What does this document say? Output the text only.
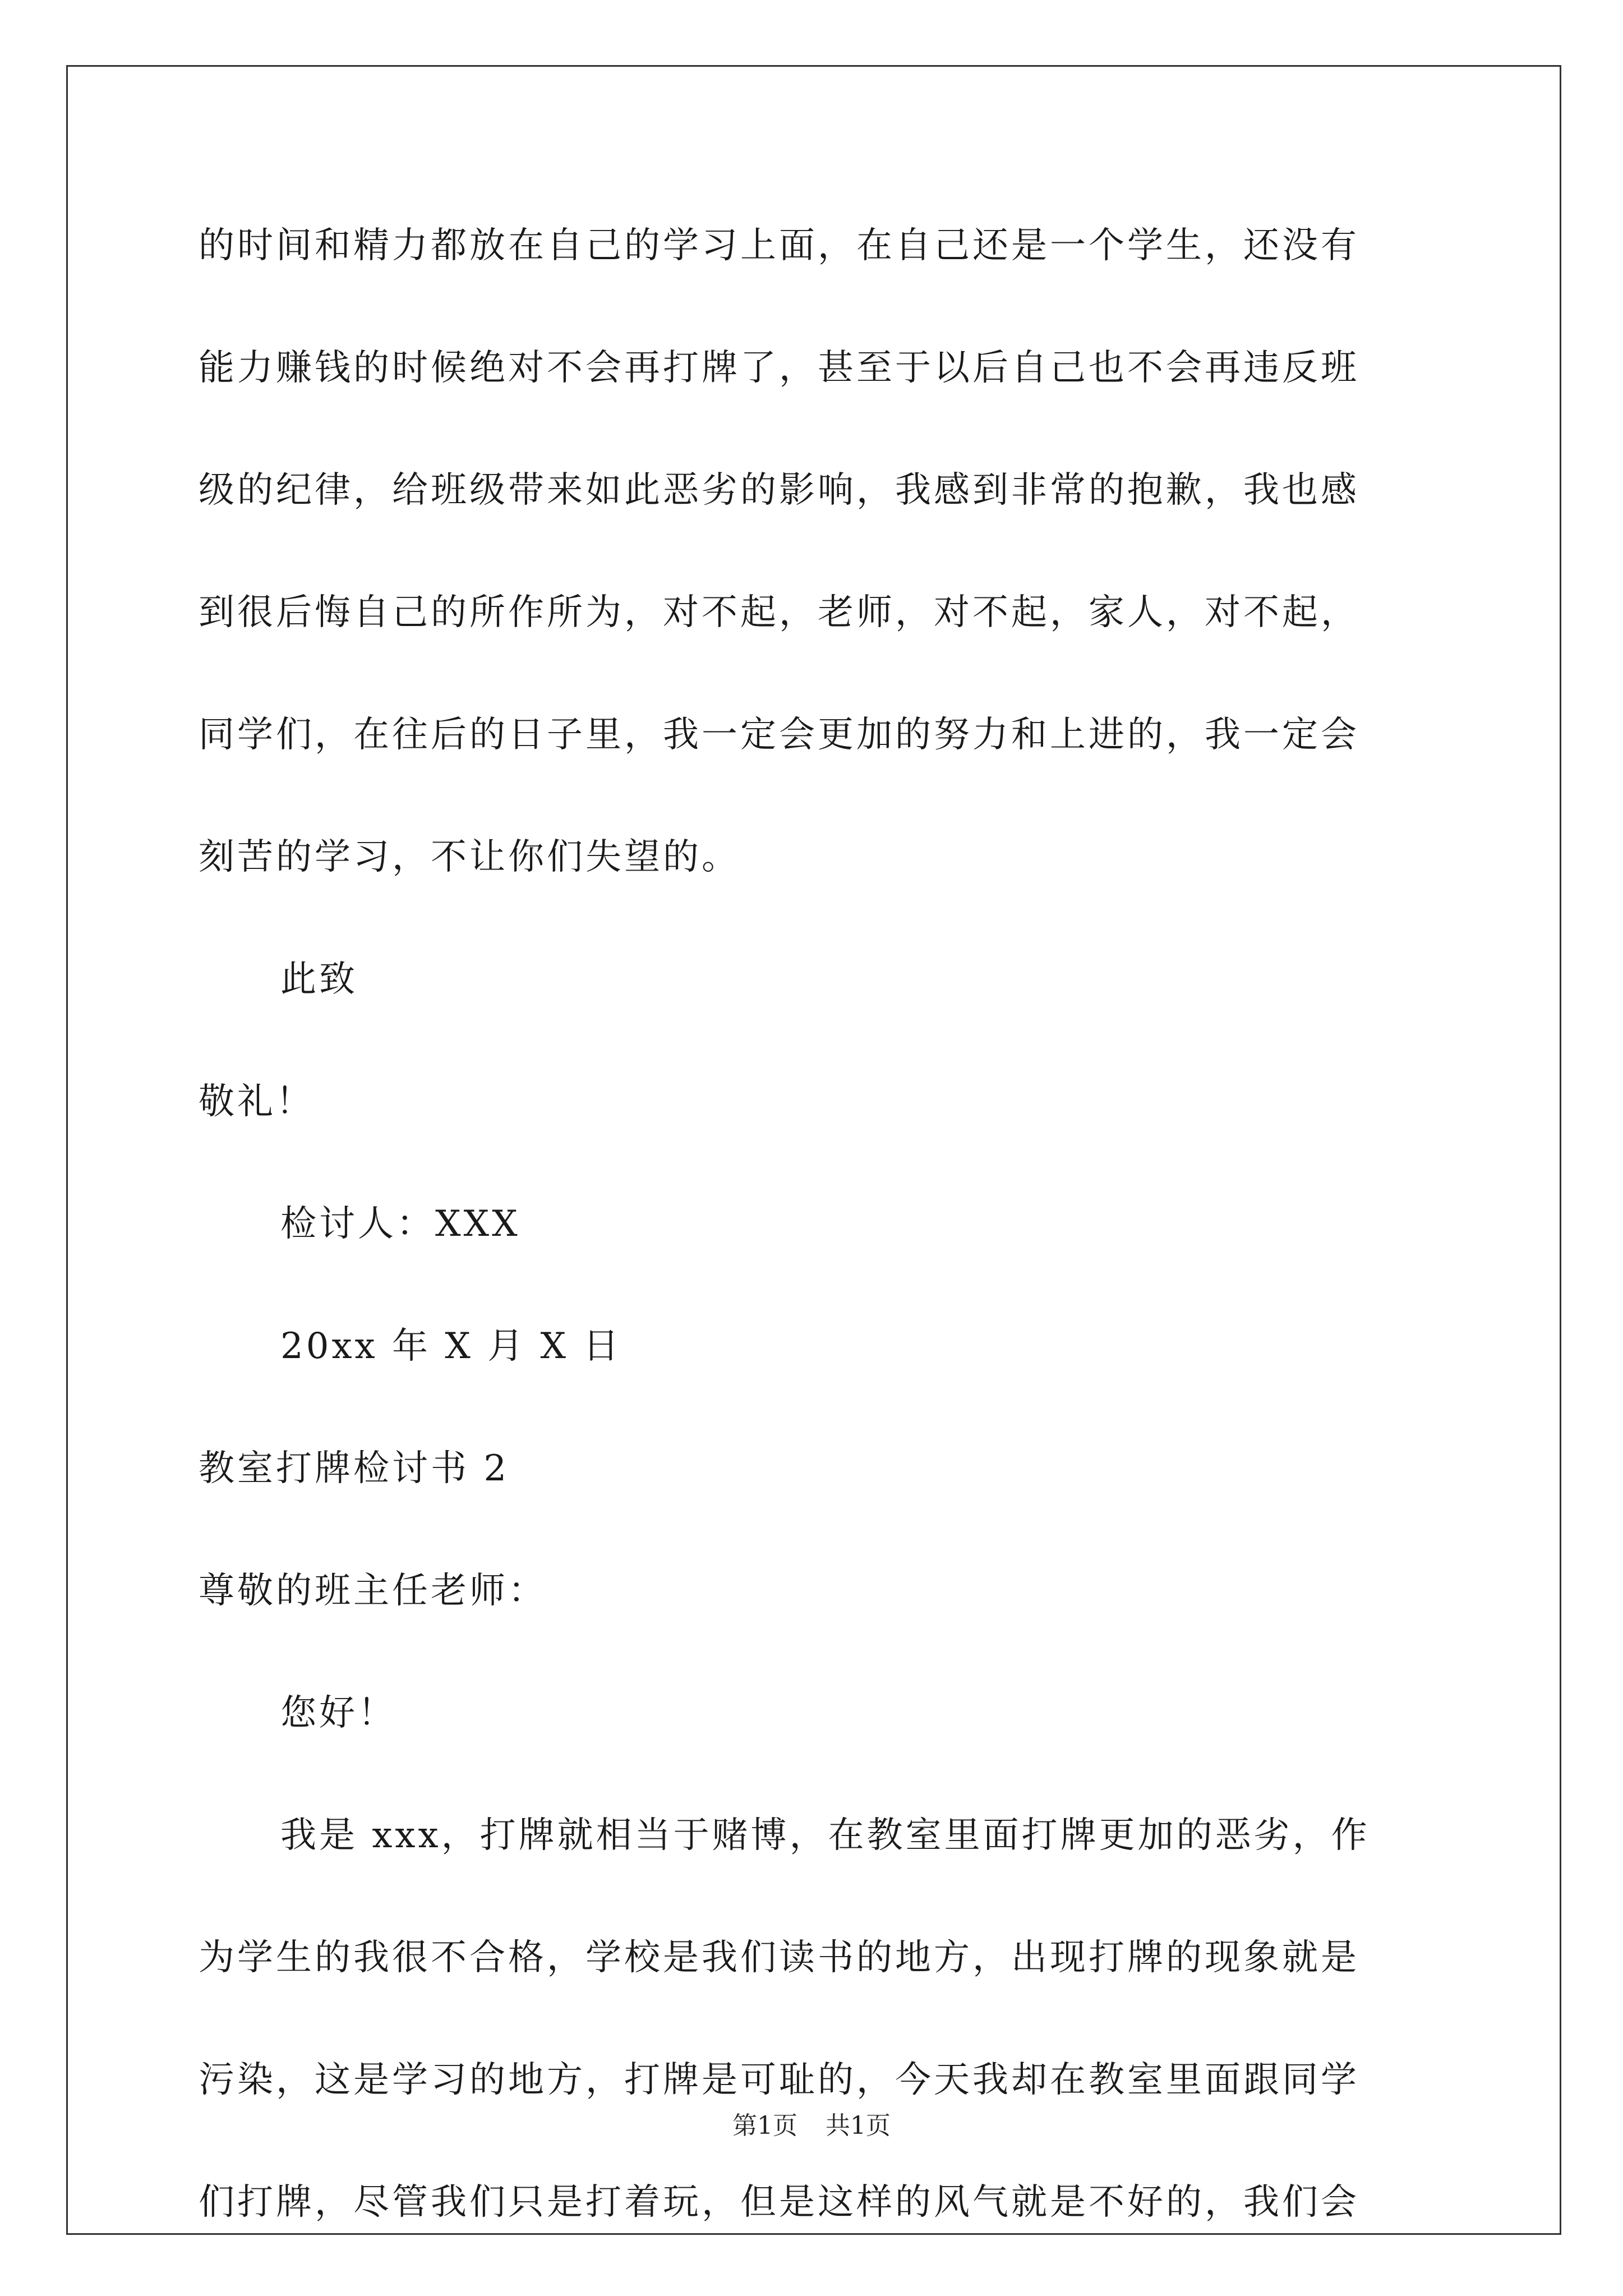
的时间和精力都放在自己的学习上面，在自己还是一个学生，还没有
能力赚钱的时候绝对不会再打牌了，甚至于以后自己也不会再违反班
级的纪律，给班级带来如此恶劣的影响，我感到非常的抱歉，我也感
到很后悔自己的所作所为，对不起，老师，对不起，家人，对不起，
同学们，在往后的日子里，我一定会更加的努力和上进的，我一定会
刻苦的学习，不让你们失望的。
此致
敬礼！
检讨人：XXX
20xx 年 X 月 X 日
教室打牌检讨书 2
尊敬的班主任老师：
您好！
我是 xxx，打牌就相当于赌博，在教室里面打牌更加的恶劣，作
为学生的我很不合格，学校是我们读书的地方，出现打牌的现象就是
污染，这是学习的地方，打牌是可耻的，今天我却在教室里面跟同学
们打牌，尽管我们只是打着玩，但是这样的风气就是不好的，我们会
第1页 共1页
